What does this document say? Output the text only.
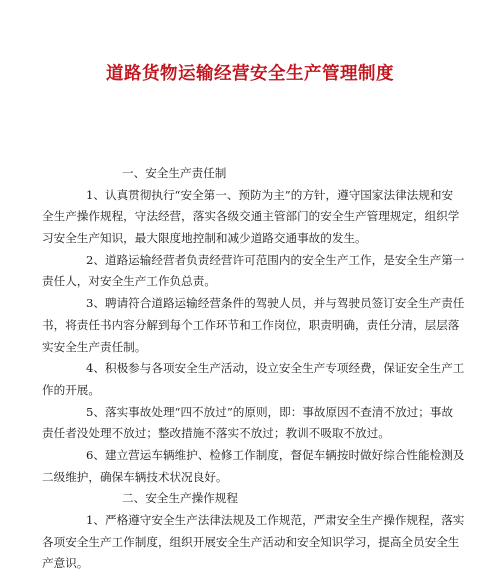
道路货物运输经营安全生产管理制度
一、安全生产责任制
1、认真贯彻执行“安全第一、预防为主”的方针，遵守国家法律法规和安
全生产操作规程，守法经营，落实各级交通主管部门的安全生产管理规定，组织学
习安全生产知识，最大限度地控制和减少道路交通事故的发生。
2、道路运输经营者负责经营许可范围内的安全生产工作，是安全生产第一
责任人，对安全生产工作负总责。
3、聘请符合道路运输经营条件的驾驶人员，并与驾驶员签订安全生产责任
书，将责任书内容分解到每个工作环节和工作岗位，职责明确，责任分清，层层落
实安全生产责任制。
4、积极参与各项安全生产活动，设立安全生产专项经费，保证安全生产工
作的开展。
5、落实事故处理“四不放过”的原则，即：事故原因不查清不放过；事故
责任者没处理不放过；整改措施不落实不放过；教训不吸取不放过。
6、建立营运车辆维护、检修工作制度，督促车辆按时做好综合性能检测及
二级维护，确保车辆技术状况良好。
二、安全生产操作规程
1、严格遵守安全生产法律法规及工作规范，严肃安全生产操作规程，落实
各项安全生产工作制度，组织开展安全生产活动和安全知识学习，提高全员安全生
产意识。
